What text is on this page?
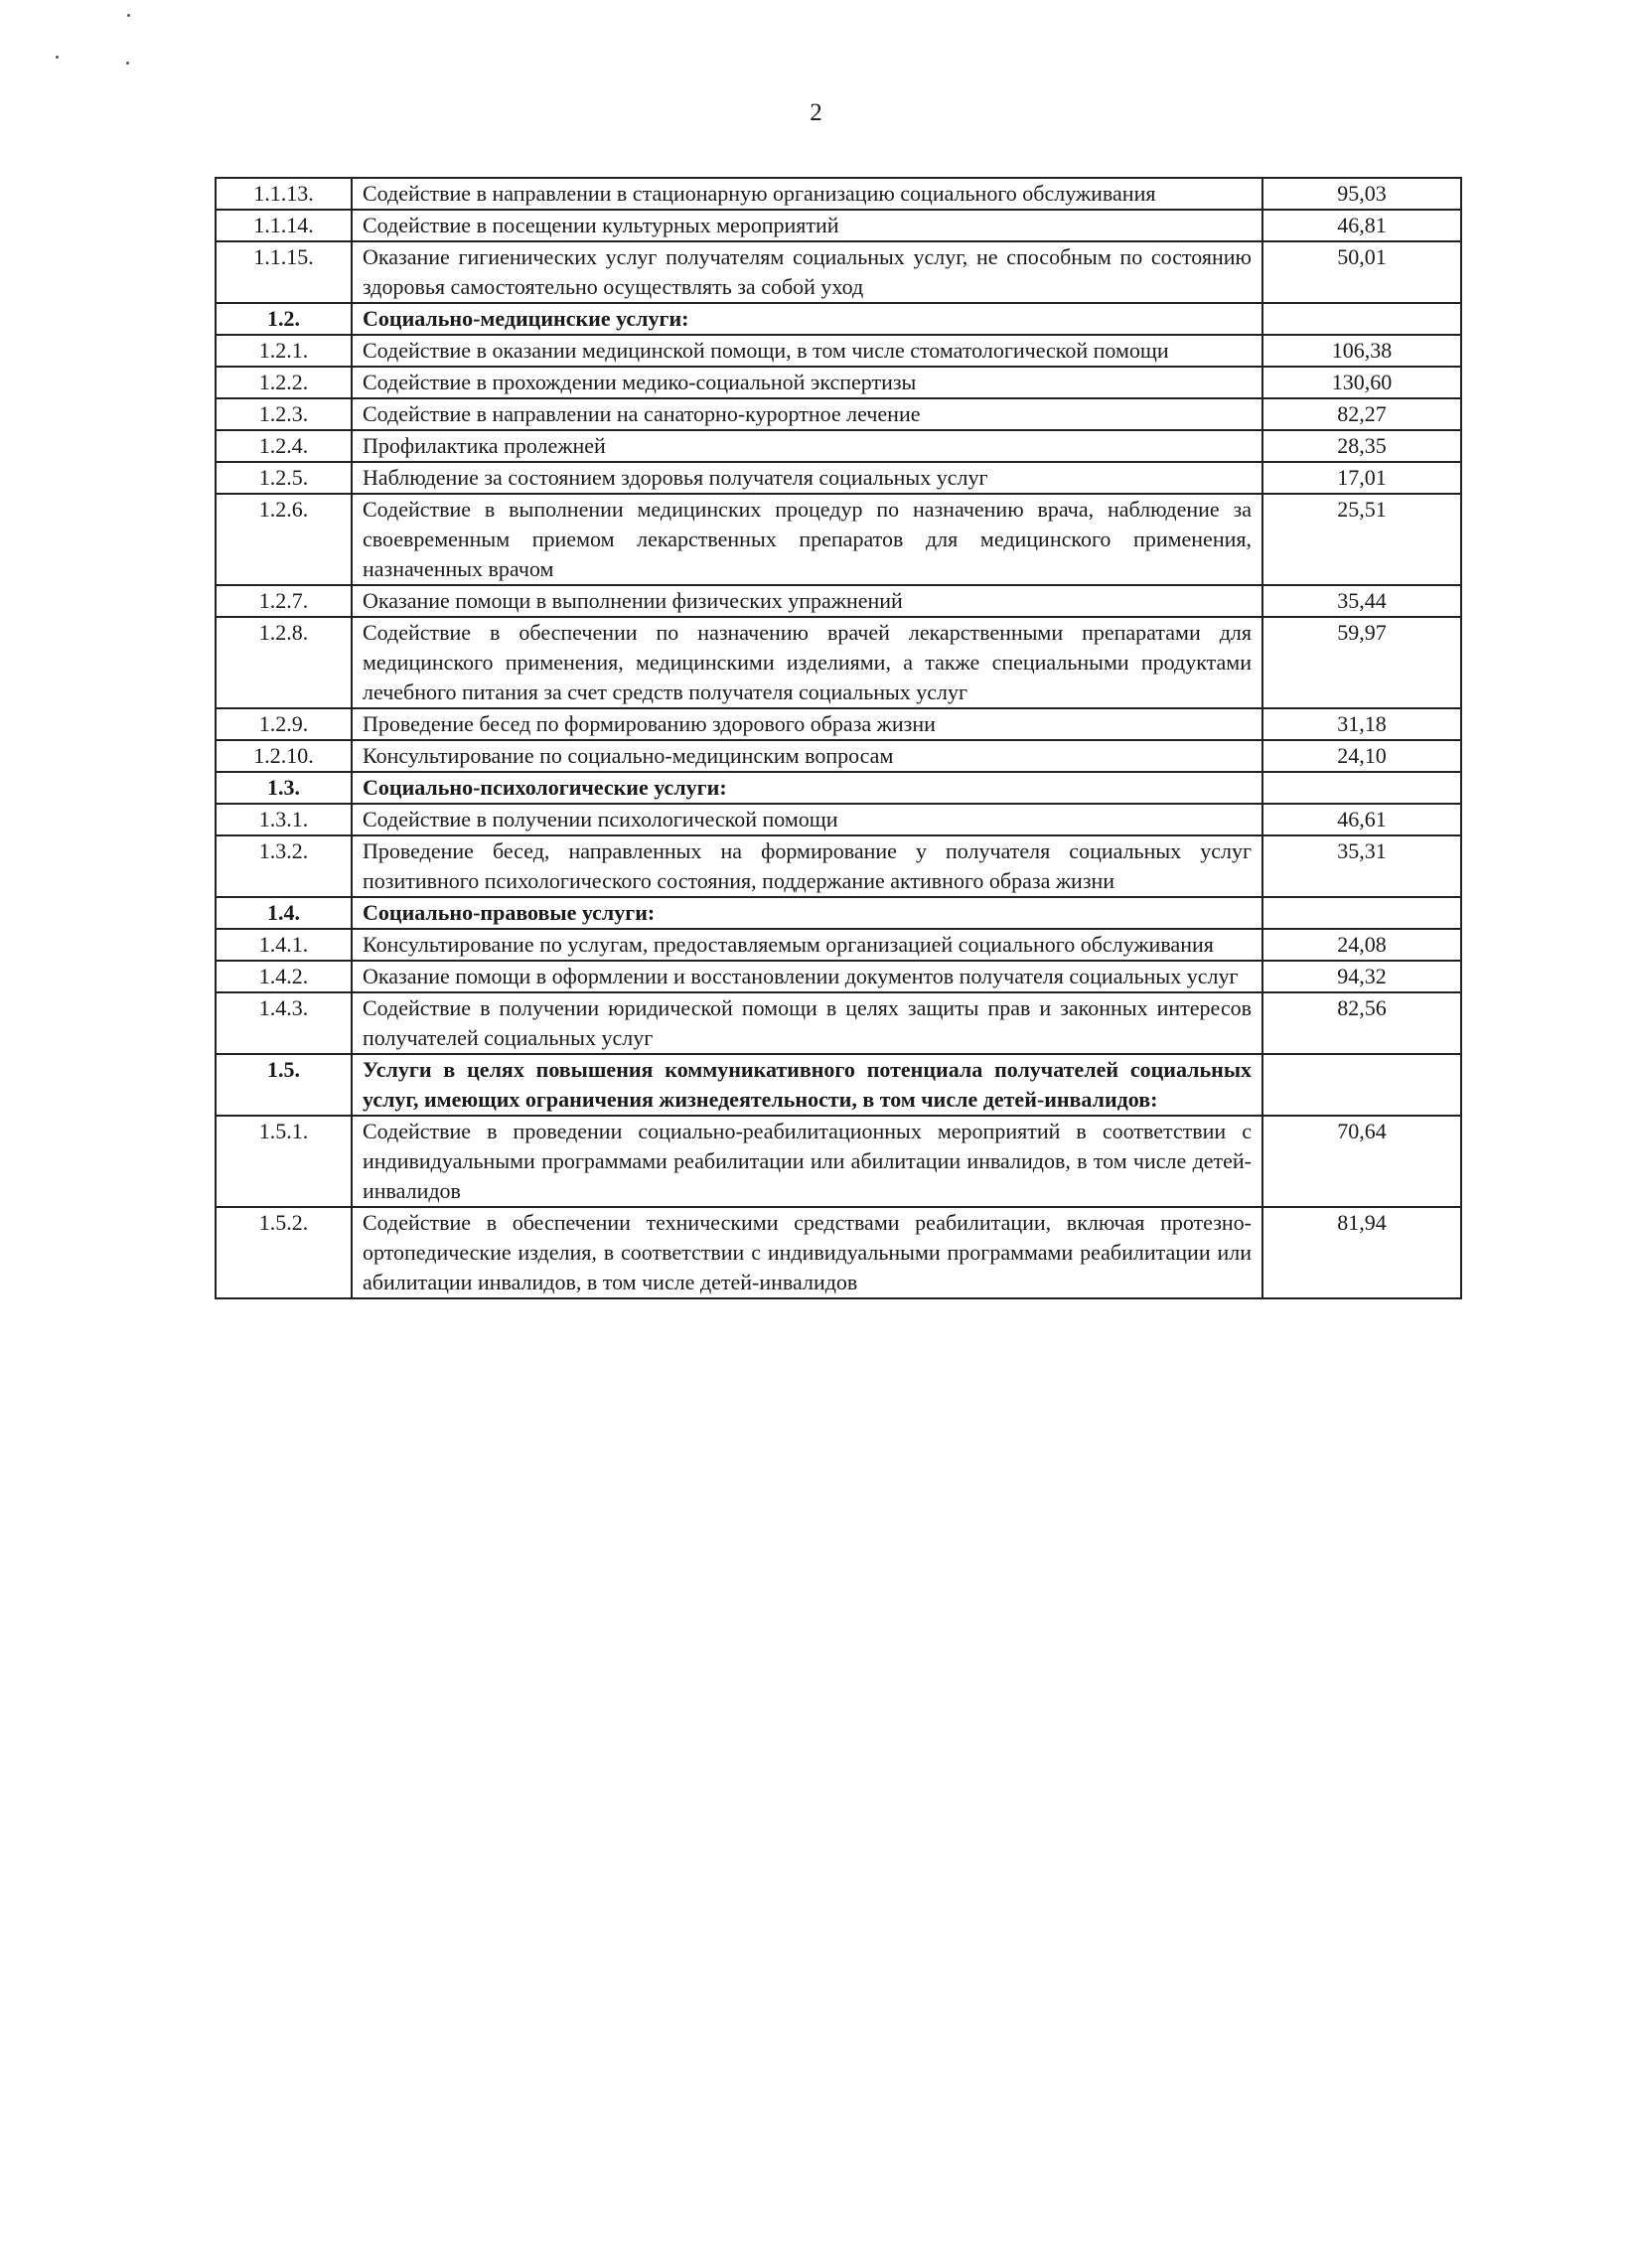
2
1.1.13.	Содействие в направлении в стационарную организацию социального обслуживания	95,03
1.1.14.	Содействие в посещении культурных мероприятий	46,81
1.1.15.	Оказание гигиенических услуг получателям социальных услуг, не способным по состоянию здоровья самостоятельно осуществлять за собой уход	50,01
1.2.	Социально-медицинские услуги:	
1.2.1.	Содействие в оказании медицинской помощи, в том числе стоматологической помощи	106,38
1.2.2.	Содействие в прохождении медико-социальной экспертизы	130,60
1.2.3.	Содействие в направлении на санаторно-курортное лечение	82,27
1.2.4.	Профилактика пролежней	28,35
1.2.5.	Наблюдение за состоянием здоровья получателя социальных услуг	17,01
1.2.6.	Содействие в выполнении медицинских процедур по назначению врача, наблюдение за своевременным приемом лекарственных препаратов для медицинского применения, назначенных врачом	25,51
1.2.7.	Оказание помощи в выполнении физических упражнений	35,44
1.2.8.	Содействие в обеспечении по назначению врачей лекарственными препаратами для медицинского применения, медицинскими изделиями, а также специальными продуктами лечебного питания за счет средств получателя социальных услуг	59,97
1.2.9.	Проведение бесед по формированию здорового образа жизни	31,18
1.2.10.	Консультирование по социально-медицинским вопросам	24,10
1.3.	Социально-психологические услуги:	
1.3.1.	Содействие в получении психологической помощи	46,61
1.3.2.	Проведение бесед, направленных на формирование у получателя социальных услуг позитивного психологического состояния, поддержание активного образа жизни	35,31
1.4.	Социально-правовые услуги:	
1.4.1.	Консультирование по услугам, предоставляемым организацией социального обслуживания	24,08
1.4.2.	Оказание помощи в оформлении и восстановлении документов получателя социальных услуг	94,32
1.4.3.	Содействие в получении юридической помощи в целях защиты прав и законных интересов получателей социальных услуг	82,56
1.5.	Услуги в целях повышения коммуникативного потенциала получателей социальных услуг, имеющих ограничения жизнедеятельности, в том числе детей-инвалидов:	
1.5.1.	Содействие в проведении социально-реабилитационных мероприятий в соответствии с индивидуальными программами реабилитации или абилитации инвалидов, в том числе детей-инвалидов	70,64
1.5.2.	Содействие в обеспечении техническими средствами реабилитации, включая протезно-ортопедические изделия, в соответствии с индивидуальными программами реабилитации или абилитации инвалидов, в том числе детей-инвалидов	81,94
